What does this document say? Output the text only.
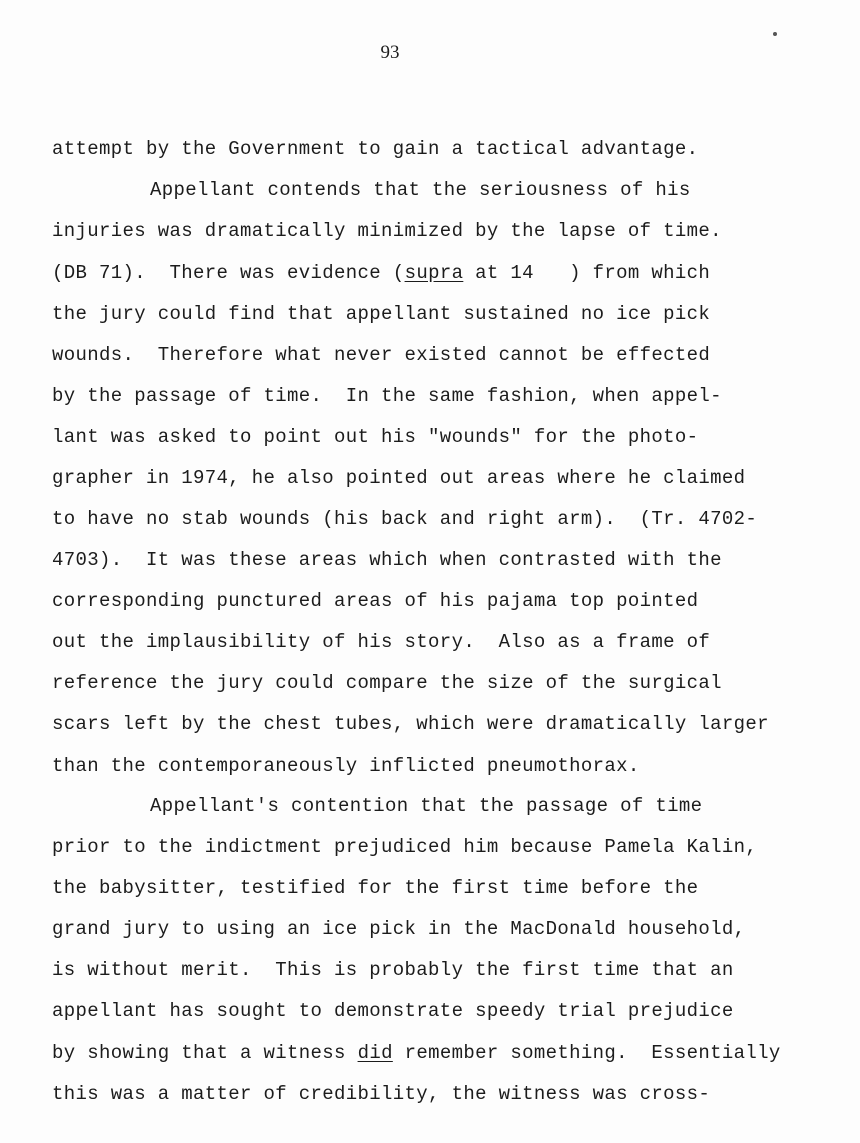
93
attempt by the Government to gain a tactical advantage.
Appellant contends that the seriousness of his
injuries was dramatically minimized by the lapse of time.
(DB 71).  There was evidence (supra at 14   ) from which
the jury could find that appellant sustained no ice pick
wounds.  Therefore what never existed cannot be effected
by the passage of time.  In the same fashion, when appel-
lant was asked to point out his "wounds" for the photo-
grapher in 1974, he also pointed out areas where he claimed
to have no stab wounds (his back and right arm).  (Tr. 4702-
4703).  It was these areas which when contrasted with the
corresponding punctured areas of his pajama top pointed
out the implausibility of his story.  Also as a frame of
reference the jury could compare the size of the surgical
scars left by the chest tubes, which were dramatically larger
than the contemporaneously inflicted pneumothorax.
Appellant's contention that the passage of time
prior to the indictment prejudiced him because Pamela Kalin,
the babysitter, testified for the first time before the
grand jury to using an ice pick in the MacDonald household,
is without merit.  This is probably the first time that an
appellant has sought to demonstrate speedy trial prejudice
by showing that a witness did remember something.  Essentially
this was a matter of credibility, the witness was cross-
